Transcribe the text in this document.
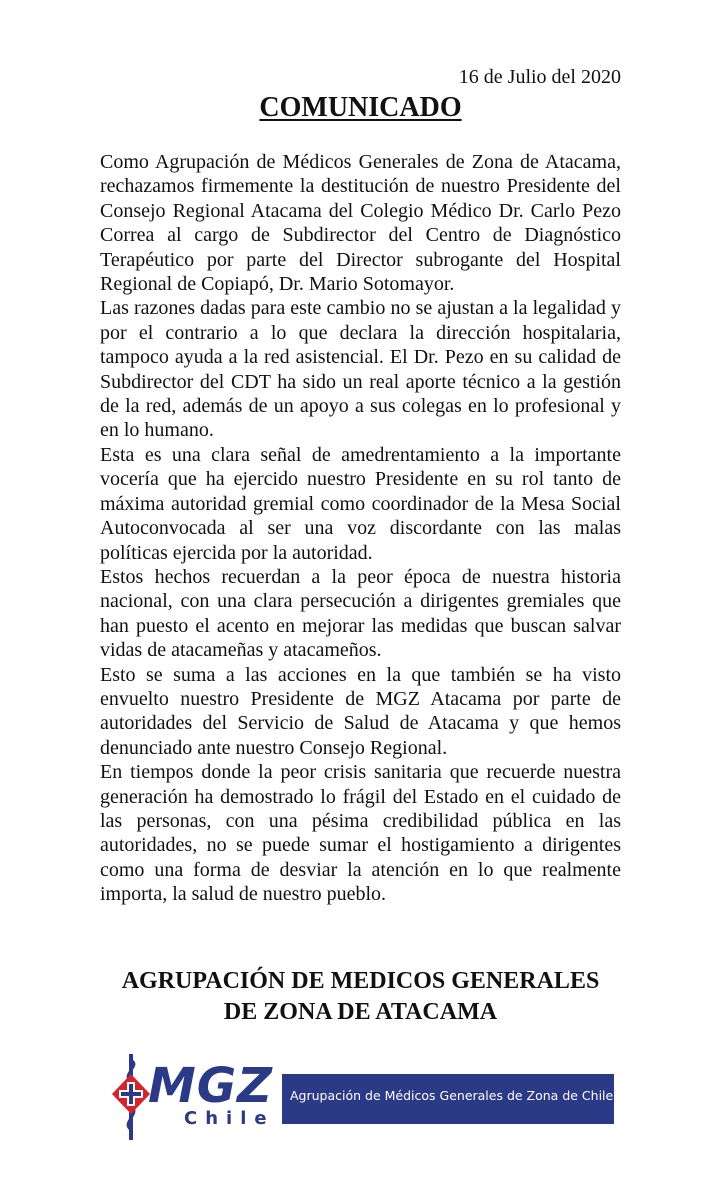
16 de Julio del 2020
COMUNICADO

Como Agrupación de Médicos Generales de Zona de Atacama, rechazamos firmemente la destitución de nuestro Presidente del Consejo Regional Atacama del Colegio Médico Dr. Carlo Pezo Correa al cargo de Subdirector del Centro de Diagnóstico Terapéutico por parte del Director subrogante del Hospital Regional de Copiapó, Dr. Mario Sotomayor.

Las razones dadas para este cambio no se ajustan a la legalidad y por el contrario a lo que declara la dirección hospitalaria, tampoco ayuda a la red asistencial. El Dr. Pezo en su calidad de Subdirector del CDT ha sido un real aporte técnico a la gestión de la red, además de un apoyo a sus colegas en lo profesional y en lo humano.

Esta es una clara señal de amedrentamiento a la importante vocería que ha ejercido nuestro Presidente en su rol tanto de máxima autoridad gremial como coordinador de la Mesa Social Autoconvocada al ser una voz discordante con las malas políticas ejercida por la autoridad.

Estos hechos recuerdan a la peor época de nuestra historia nacional, con una clara persecución a dirigentes gremiales que han puesto el acento en mejorar las medidas que buscan salvar vidas de atacameñas y atacameños.

Esto se suma a las acciones en la que también se ha visto envuelto nuestro Presidente de MGZ Atacama por parte de autoridades del Servicio de Salud de Atacama y que hemos denunciado ante nuestro Consejo Regional.

En tiempos donde la peor crisis sanitaria que recuerde nuestra generación ha demostrado lo frágil del Estado en el cuidado de las personas, con una pésima credibilidad pública en las autoridades, no se puede sumar el hostigamiento a dirigentes como una forma de desviar la atención en lo que realmente importa, la salud de nuestro pueblo.

AGRUPACIÓN DE MEDICOS GENERALES
DE ZONA DE ATACAMA
MGZ
Chile
Agrupación de Médicos Generales de Zona de Chile
